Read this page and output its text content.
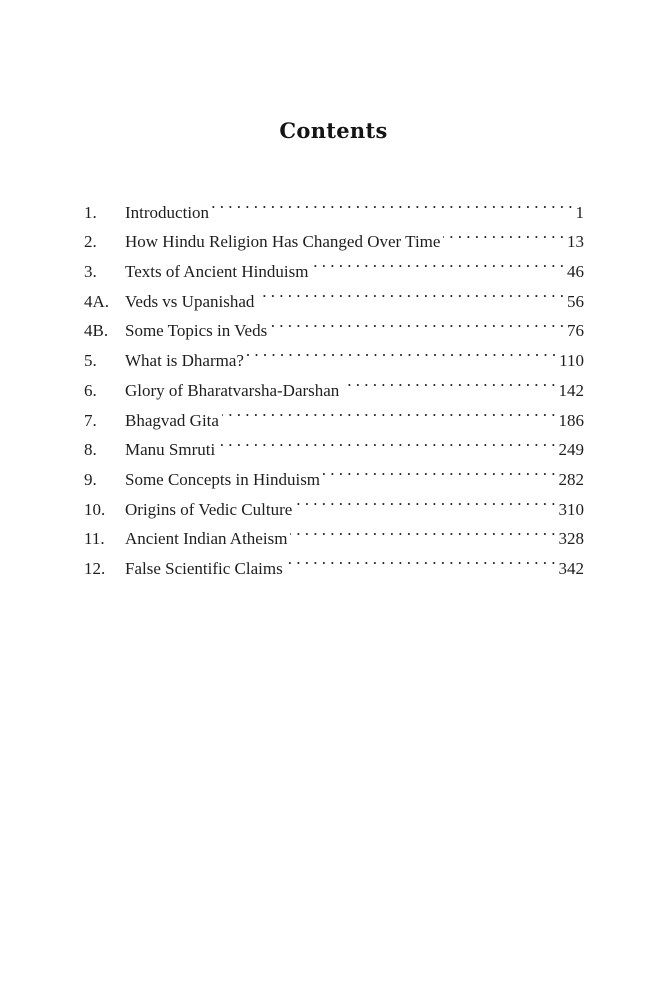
Contents
1.	Introduction . . .	1
2.	How Hindu Religion Has Changed Over Time . . .	13
3.	Texts of Ancient Hinduism . . .	46
4A. Veds vs Upanishad . . .	56
4B. Some Topics in Veds . . .	76
5.	What is Dharma? . . .	110
6.	Glory of Bharatvarsha-Darshan . . .	142
7.	Bhagvad Gita . . .	186
8.	Manu Smruti . . .	249
9.	Some Concepts in Hinduism . . .	282
10.	Origins of Vedic Culture . . .	310
11.	Ancient Indian Atheism . . .	328
12.	False Scientific Claims . . .	342
